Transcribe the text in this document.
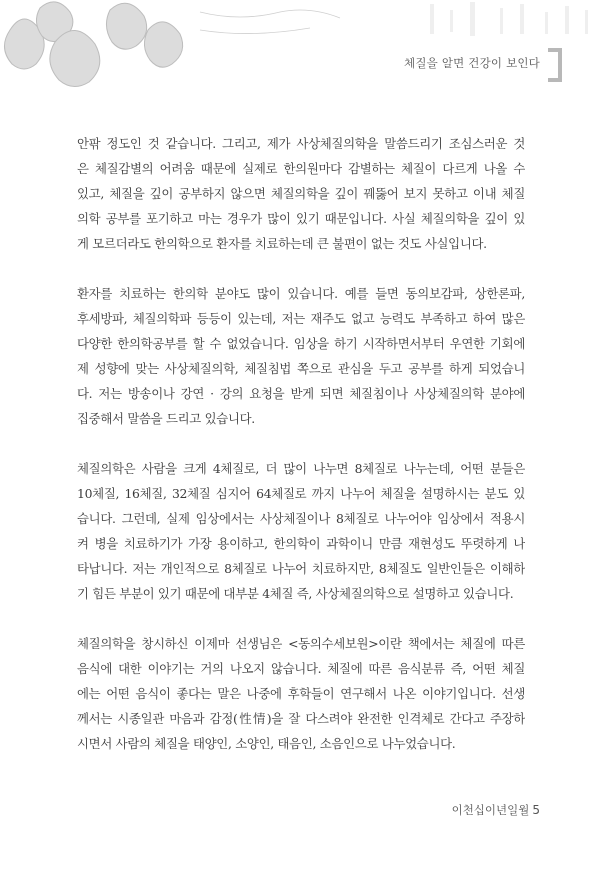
체질을 알면 건강이 보인다

안팎 정도인 것 같습니다. 그리고, 제가 사상체질의학을 말씀드리기 조심스러운 것

은 체질감별의 어려움 때문에 실제로 한의원마다 감별하는 체질이 다르게 나올 수

있고, 체질을 깊이 공부하지 않으면 체질의학을 깊이 꿰뚫어 보지 못하고 이내 체질

의학 공부를 포기하고 마는 경우가 많이 있기 때문입니다. 사실 체질의학을 깊이 있

게 모르더라도 한의학으로 환자를 치료하는데 큰 불편이 없는 것도 사실입니다.

환자를 치료하는 한의학 분야도 많이 있습니다. 예를 들면 동의보감파, 상한론파,

후세방파, 체질의학파 등등이 있는데, 저는 재주도 없고 능력도 부족하고 하여 많은

다양한 한의학공부를 할 수 없었습니다. 임상을 하기 시작하면서부터 우연한 기회에

제 성향에 맞는 사상체질의학, 체질침법 쪽으로 관심을 두고 공부를 하게 되었습니

다. 저는 방송이나 강연 · 강의 요청을 받게 되면 체질침이나 사상체질의학 분야에

집중해서 말씀을 드리고 있습니다.

체질의학은 사람을 크게 4체질로, 더 많이 나누면 8체질로 나누는데, 어떤 분들은

10체질, 16체질, 32체질 심지어 64체질로 까지 나누어 체질을 설명하시는 분도 있

습니다. 그런데, 실제 임상에서는 사상체질이나 8체질로 나누어야 임상에서 적용시

켜 병을 치료하기가 가장 용이하고, 한의학이 과학이니 만큼 재현성도 뚜렷하게 나

타납니다. 저는 개인적으로 8체질로 나누어 치료하지만, 8체질도 일반인들은 이해하

기 힘든 부분이 있기 때문에 대부분 4체질 즉, 사상체질의학으로 설명하고 있습니다.

체질의학을 창시하신 이제마 선생님은 <동의수세보원>이란 책에서는 체질에 따른

음식에 대한 이야기는 거의 나오지 않습니다. 체질에 따른 음식분류 즉, 어떤 체질

에는 어떤 음식이 좋다는 말은 나중에 후학들이 연구해서 나온 이야기입니다. 선생

께서는 시종일관 마음과 감정(性情)을 잘 다스려야 완전한 인격체로 간다고 주장하

시면서 사람의 체질을 태양인, 소양인, 태음인, 소음인으로 나누었습니다.

이천십이년일월 5
